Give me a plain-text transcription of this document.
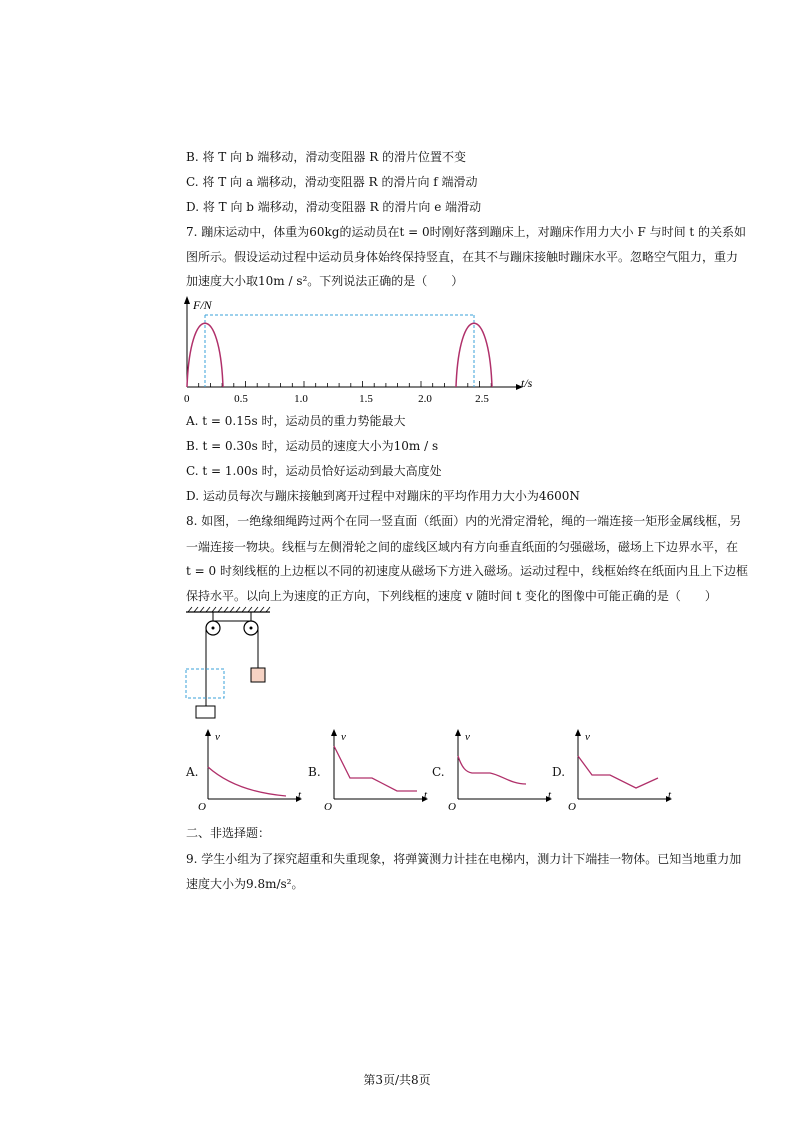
B. 将 T 向 b 端移动，滑动变阻器 R 的滑片位置不变
C. 将 T 向 a 端移动，滑动变阻器 R 的滑片向 f 端滑动
D. 将 T 向 b 端移动，滑动变阻器 R 的滑片向 e 端滑动
7. 蹦床运动中，体重为60kg的运动员在t = 0时刚好落到蹦床上，对蹦床作用力大小 F 与时间 t 的关系如
图所示。假设运动过程中运动员身体始终保持竖直，在其不与蹦床接触时蹦床水平。忽略空气阻力，重力
加速度大小取10m / s²。下列说法正确的是（　　）
F/N
t/s
0	0.5	1.0	1.5	2.0	2.5
A. t = 0.15s 时，运动员的重力势能最大
B. t = 0.30s 时，运动员的速度大小为10m / s
C. t = 1.00s 时，运动员恰好运动到最大高度处
D. 运动员每次与蹦床接触到离开过程中对蹦床的平均作用力大小为4600N
8. 如图，一绝缘细绳跨过两个在同一竖直面（纸面）内的光滑定滑轮，绳的一端连接一矩形金属线框，另
一端连接一物块。线框与左侧滑轮之间的虚线区域内有方向垂直纸面的匀强磁场，磁场上下边界水平，在
t = 0 时刻线框的上边框以不同的初速度从磁场下方进入磁场。运动过程中，线框始终在纸面内且上下边框
保持水平。以向上为速度的正方向，下列线框的速度 v 随时间 t 变化的图像中可能正确的是（　　）
A.	B.	C.	D.
v
t
O
v
t
O
v
t
O
v
t
O
二、非选择题：
9. 学生小组为了探究超重和失重现象，将弹簧测力计挂在电梯内，测力计下端挂一物体。已知当地重力加
速度大小为9.8m/s²。
第3页/共8页
